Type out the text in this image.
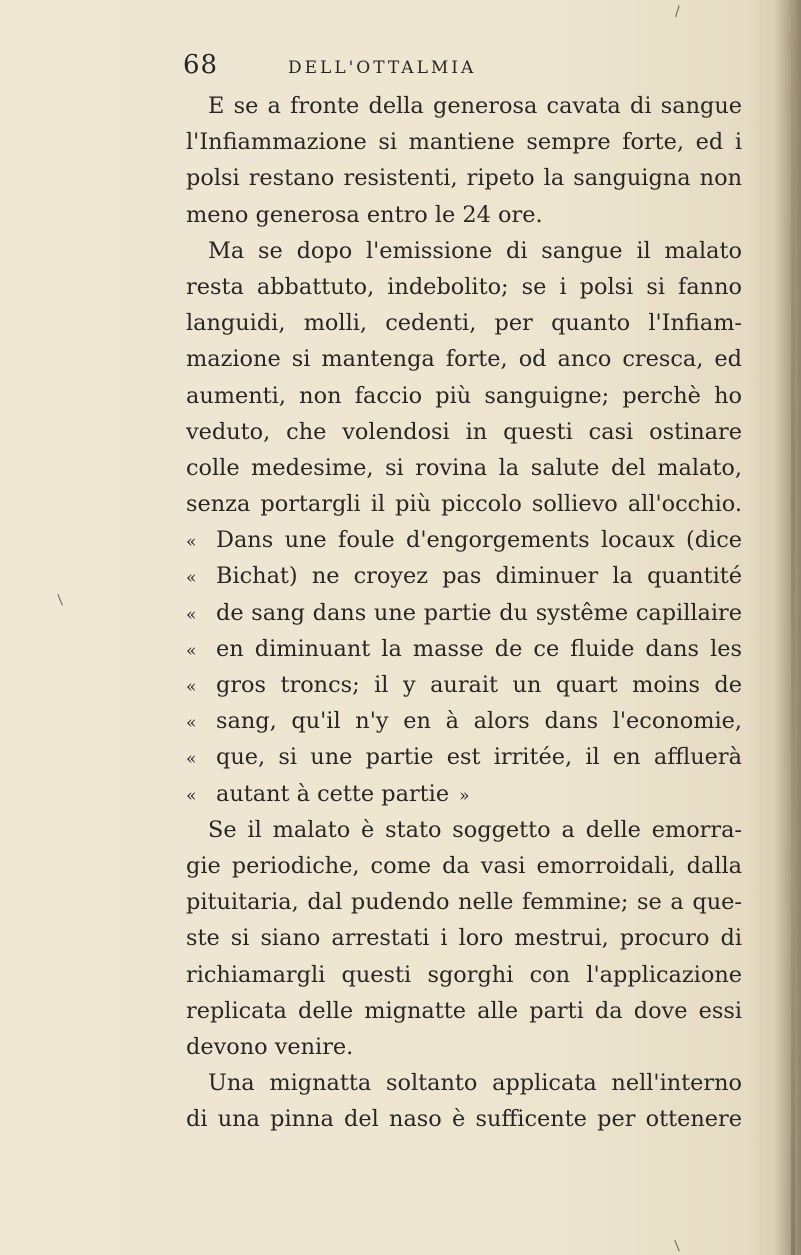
68	DELL'OTTALMIA
E se a fronte della generosa cavata di sangue
l'Infiammazione si mantiene sempre forte, ed i
polsi restano resistenti, ripeto la sanguigna non
meno generosa entro le 24 ore.
Ma se dopo l'emissione di sangue il malato
resta abbattuto, indebolito; se i polsi si fanno
languidi, molli, cedenti, per quanto l'Infiam-
mazione si mantenga forte, od anco cresca, ed
aumenti, non faccio più sanguigne; perchè ho
veduto, che volendosi in questi casi ostinare
colle medesime, si rovina la salute del malato,
senza portargli il più piccolo sollievo all'occhio.
« Dans une foule d'engorgements locaux (dice
« Bichat) ne croyez pas diminuer la quantité
« de sang dans une partie du systême capillaire
« en diminuant la masse de ce fluide dans les
« gros troncs; il y aurait un quart moins de
« sang, qu'il n'y en à alors dans l'economie,
« que, si une partie est irritée, il en affluerà
« autant à cette partie »
Se il malato è stato soggetto a delle emorra-
gie periodiche, come da vasi emorroidali, dalla
pituitaria, dal pudendo nelle femmine; se a que-
ste si siano arrestati i loro mestrui, procuro di
richiamargli questi sgorghi con l'applicazione
replicata delle mignatte alle parti da dove essi
devono venire.
Una mignatta soltanto applicata nell'interno
di una pinna del naso è sufficente per ottenere
/
/
/
